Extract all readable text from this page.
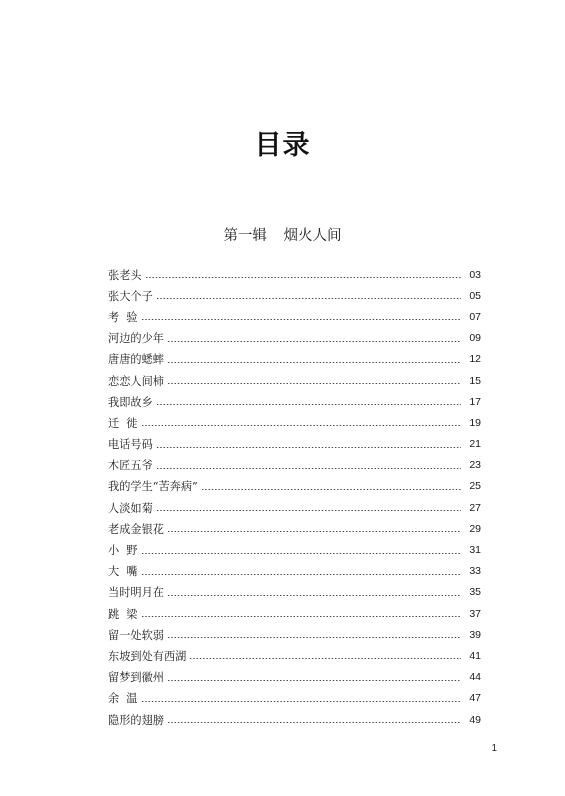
目录
第一辑 烟火人间
张老头	03
张大个子	05
考  验	07
河边的少年	09
唐唐的蟋蟀	12
恋恋人间柿	15
我即故乡	17
迁  徙	19
电话号码	21
木匠五爷	23
我的学生“苦奔病”	25
人淡如菊	27
老成金银花	29
小  野	31
大  嘴	33
当时明月在	35
跳  梁	37
留一处软弱	39
东坡到处有西湖	41
留梦到徽州	44
余  温	47
隐形的翅膀	49
1
